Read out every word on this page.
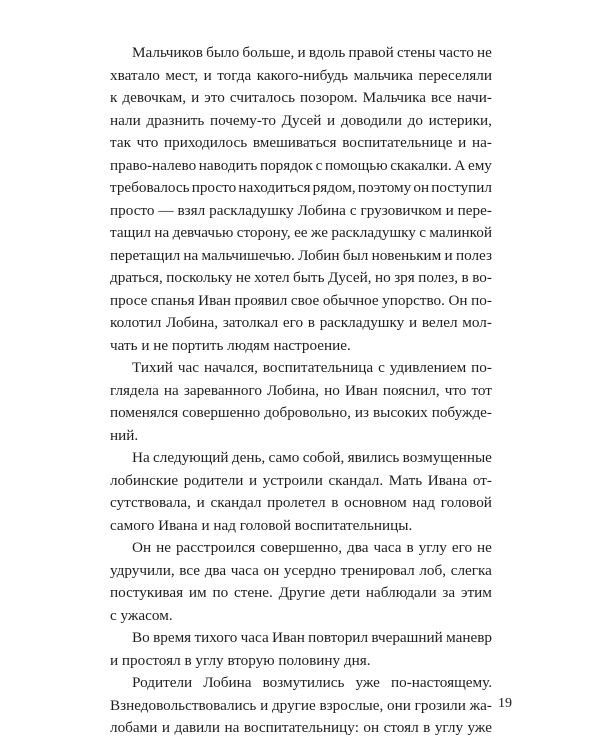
Мальчиков было больше, и вдоль правой стены часто не
хватало мест, и тогда какого-нибудь мальчика переселяли
к девочкам, и это считалось позором. Мальчика все начи-
нали дразнить почему-то Дусей и доводили до истерики,
так что приходилось вмешиваться воспитательнице и на-
право-налево наводить порядок с помощью скакалки. А ему
требовалось просто находиться рядом, поэтому он поступил
просто — взял раскладушку Лобина с грузовичком и пере-
тащил на девчачью сторону, ее же раскладушку с малинкой
перетащил на мальчишечью. Лобин был новеньким и полез
драться, поскольку не хотел быть Дусей, но зря полез, в во-
просе спанья Иван проявил свое обычное упорство. Он по-
колотил Лобина, затолкал его в раскладушку и велел мол-
чать и не портить людям настроение.
Тихий час начался, воспитательница с удивлением по-
глядела на зареванного Лобина, но Иван пояснил, что тот
поменялся совершенно добровольно, из высоких побужде-
ний.
На следующий день, само собой, явились возмущенные
лобинские родители и устроили скандал. Мать Ивана от-
сутствовала, и скандал пролетел в основном над головой
самого Ивана и над головой воспитательницы.
Он не расстроился совершенно, два часа в углу его не
удручили, все два часа он усердно тренировал лоб, слегка
постукивая им по стене. Другие дети наблюдали за этим
с ужасом.
Во время тихого часа Иван повторил вчерашний маневр
и простоял в углу вторую половину дня.
Родители Лобина возмутились уже по-настоящему.
Взнедовольствовались и другие взрослые, они грозили жа-
лобами и давили на воспитательницу: он стоял в углу уже
19
